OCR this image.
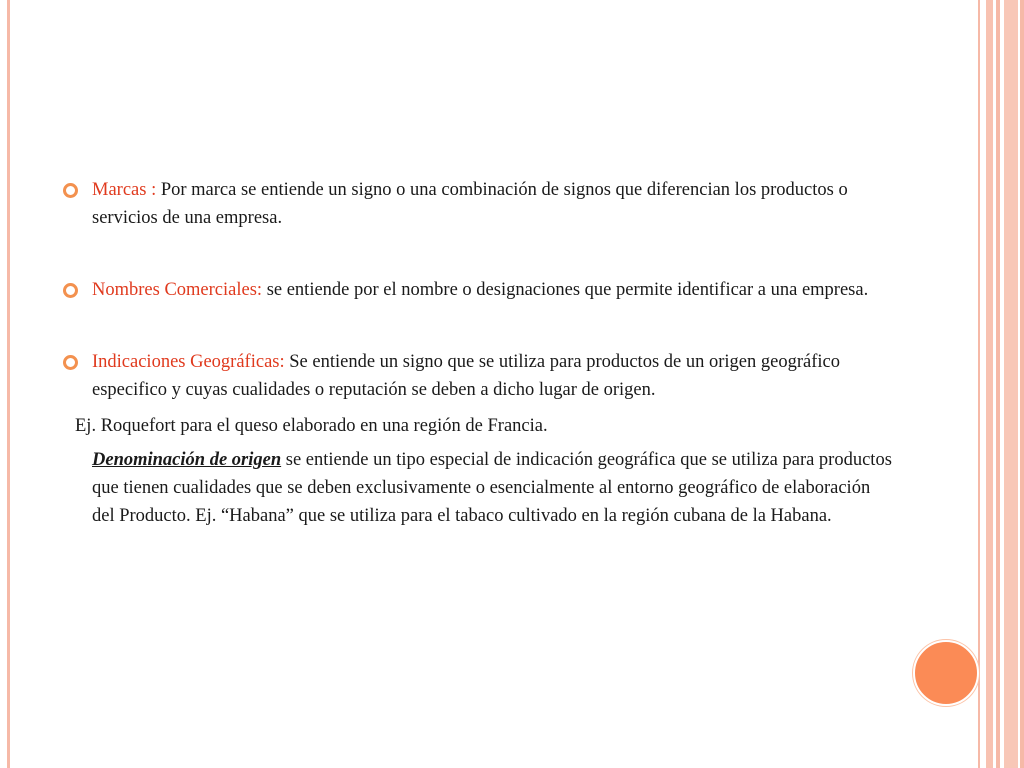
Marcas : Por marca se entiende un signo o una combinación de signos que diferencian los productos o servicios de una empresa.
Nombres Comerciales: se entiende por el nombre o designaciones que permite identificar a una empresa.
Indicaciones Geográficas: Se entiende un signo que se utiliza para productos de un origen geográfico especifico y cuyas cualidades o reputación se deben a dicho lugar de origen.
Ej. Roquefort para el queso elaborado en una región de Francia.
Denominación de origen se entiende un tipo especial de indicación geográfica que se utiliza para productos que tienen cualidades que se deben exclusivamente o esencialmente al entorno geográfico de elaboración del Producto. Ej. “Habana” que se utiliza para el tabaco cultivado en la región cubana de la Habana.
